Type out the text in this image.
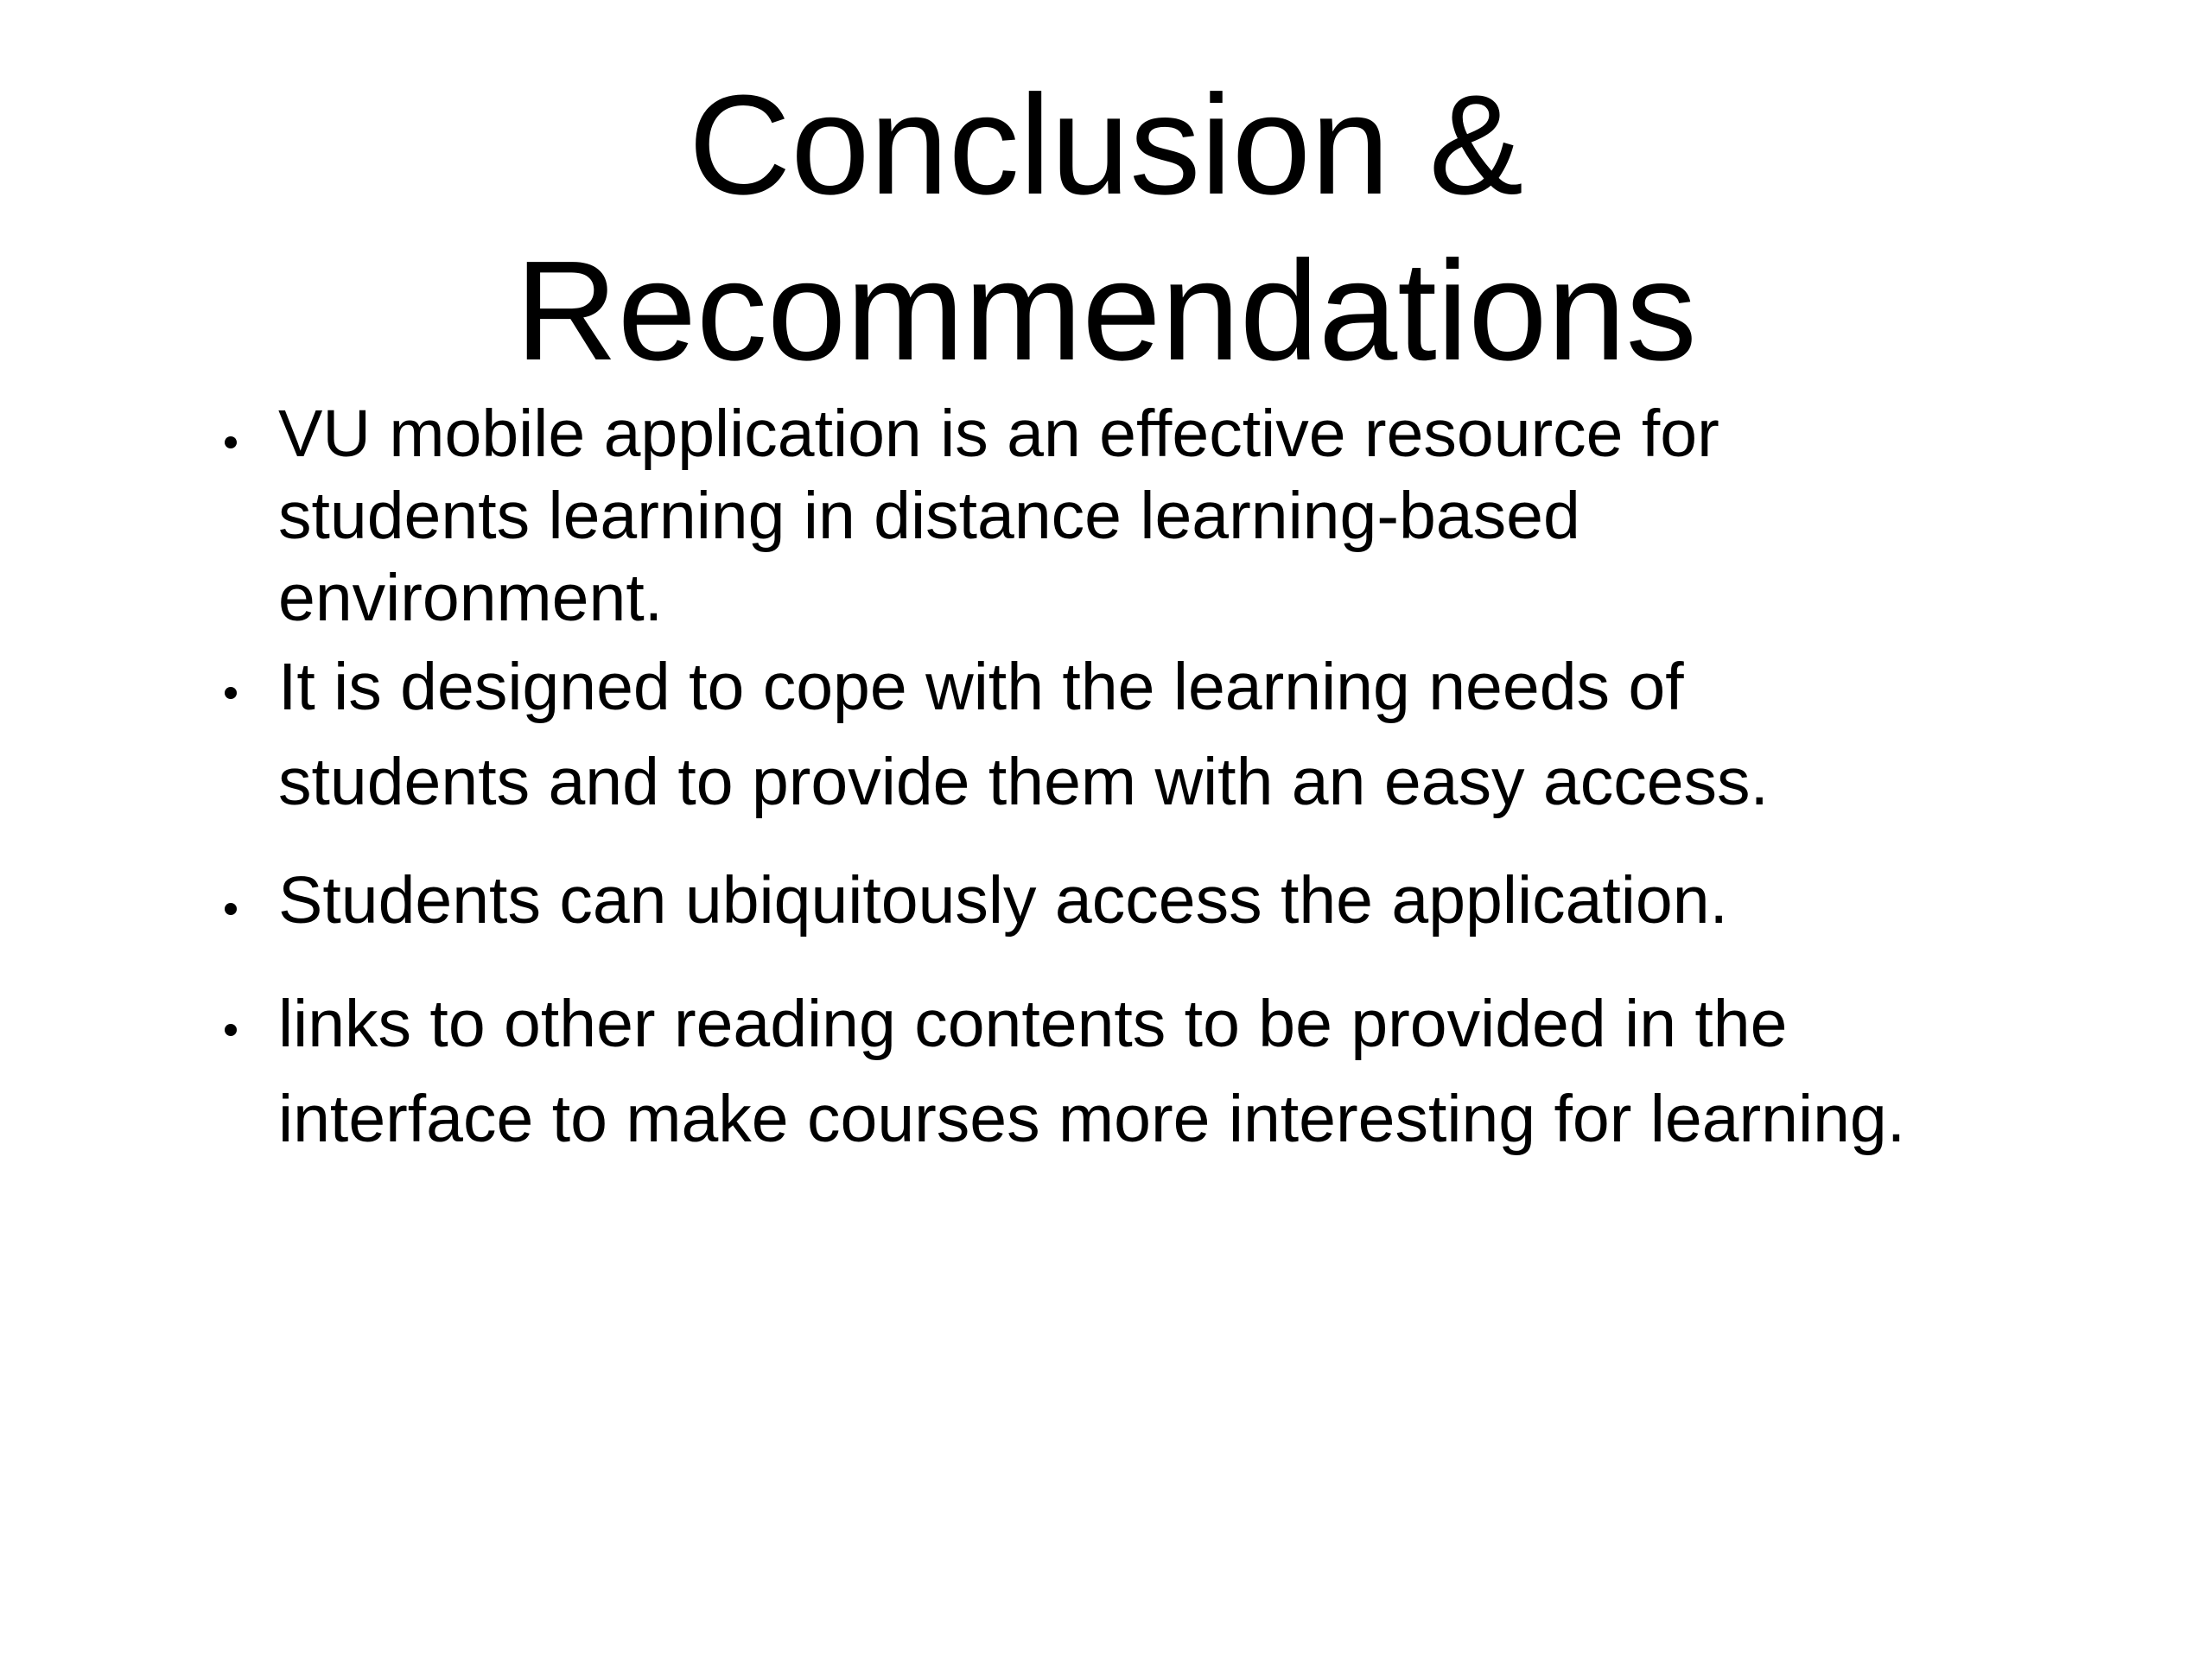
Conclusion &
Recommendations
VU mobile application is an effective resource for students learning in distance learning-based environment.
It is designed to cope with the learning needs of students and to provide them with an easy access.
Students can ubiquitously access the application.
links to other reading contents to be provided in the interface to make courses more interesting for learning.
